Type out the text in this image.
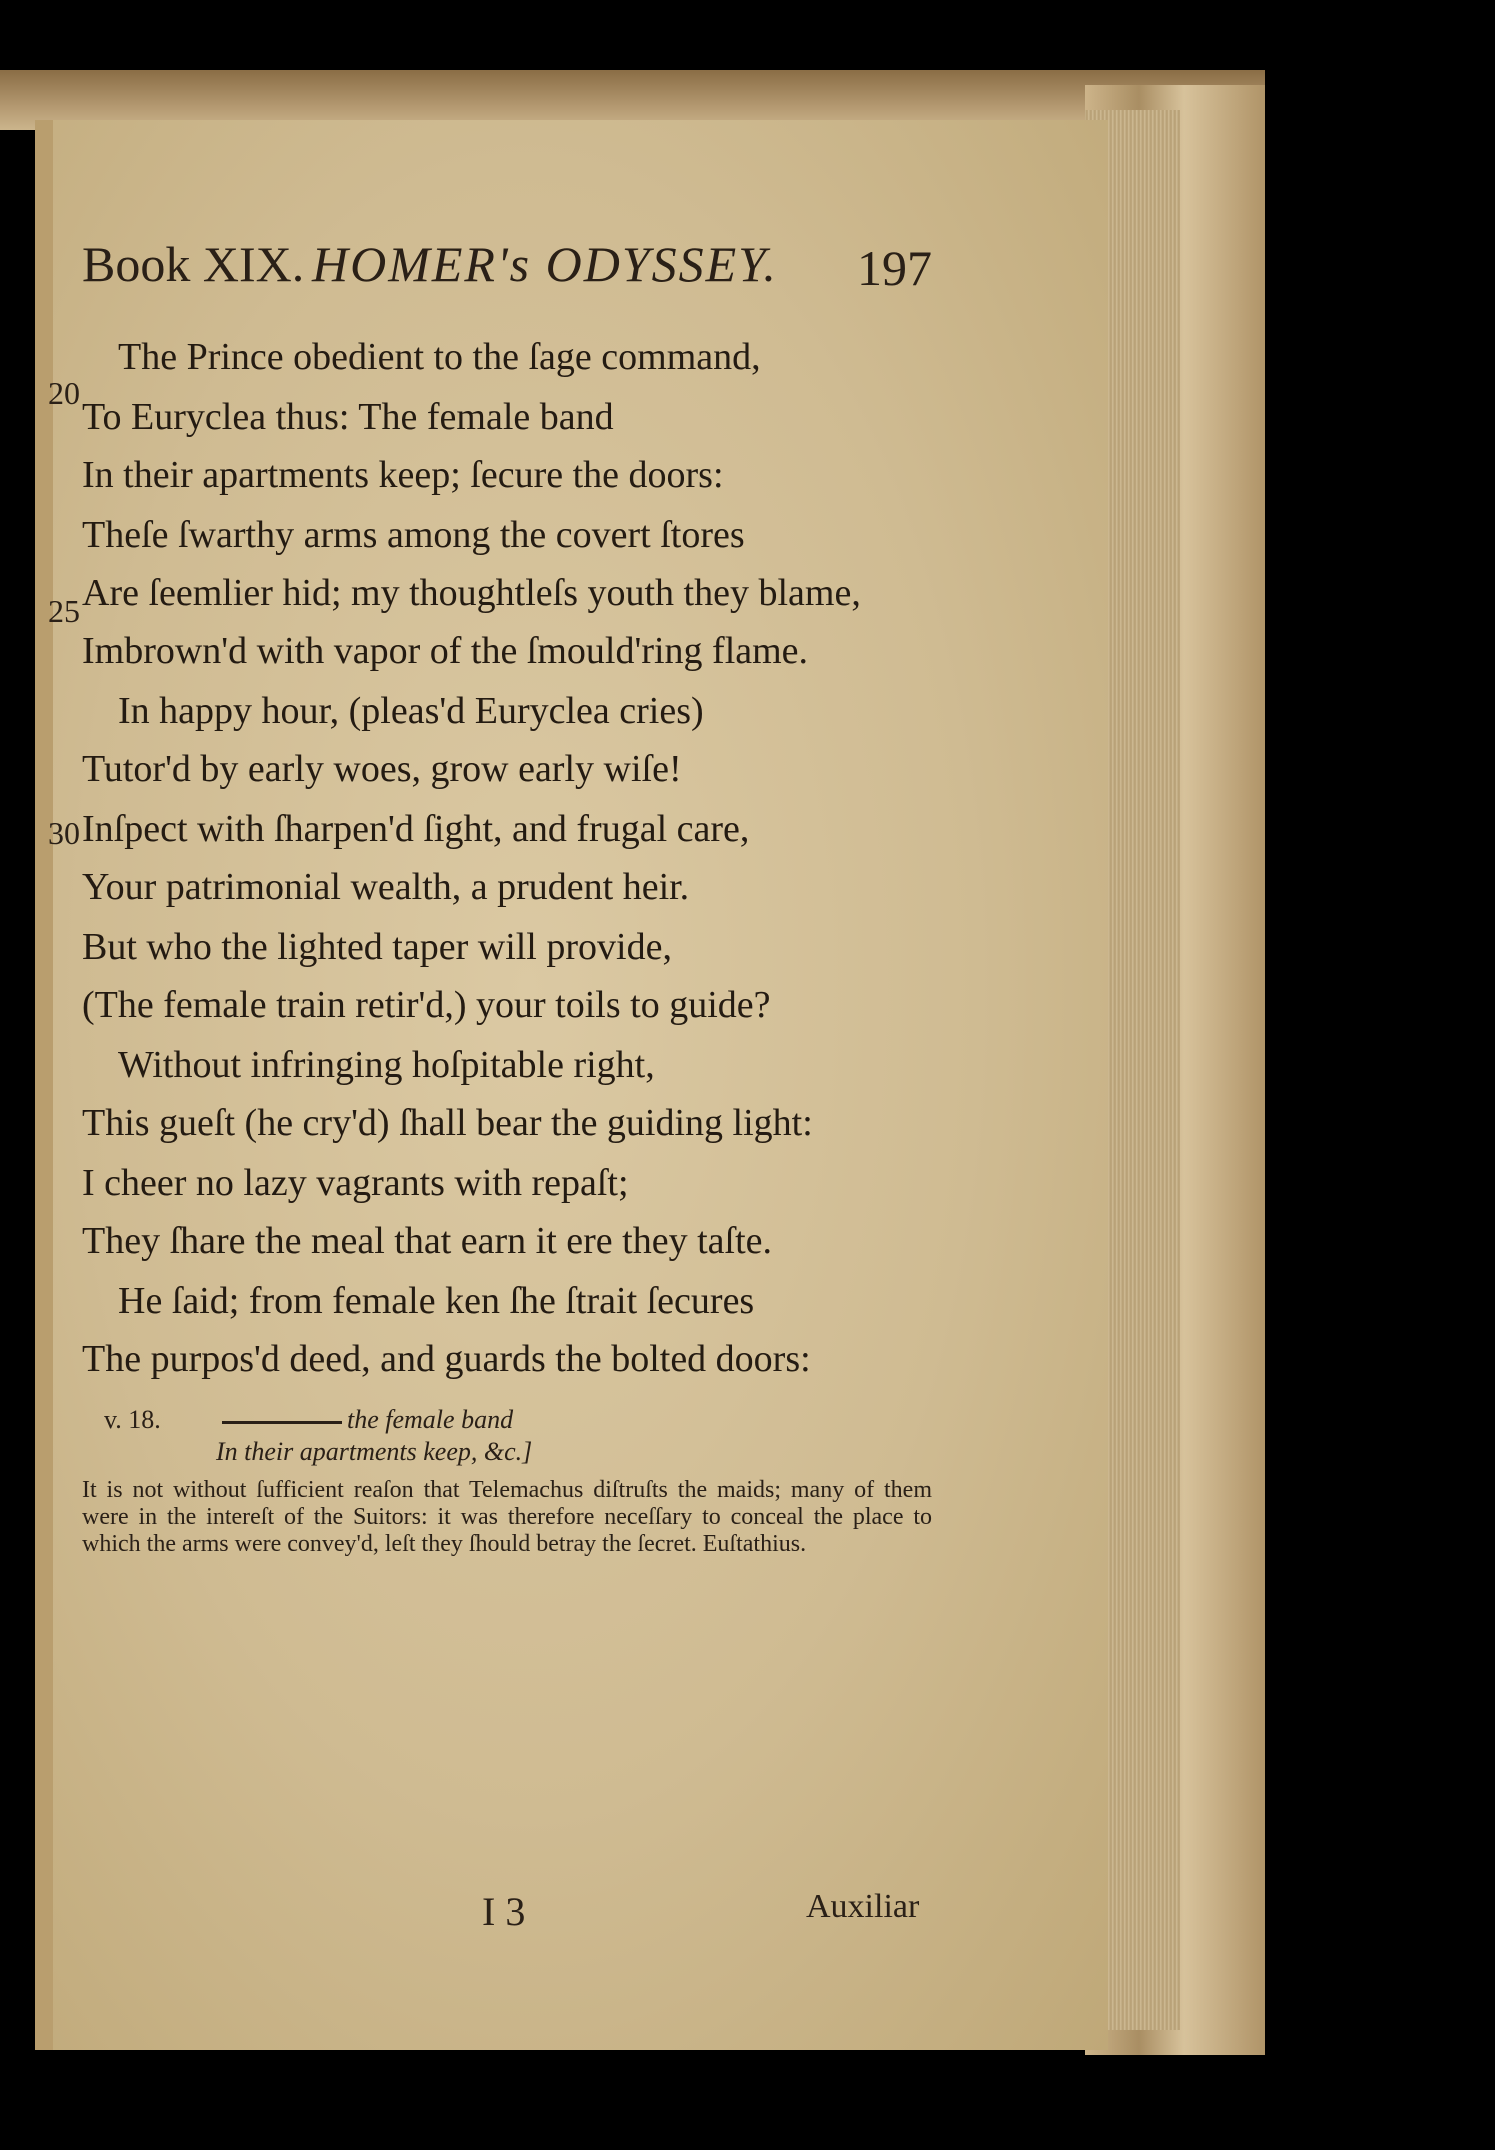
Book XIX. HOMER's ODYSSEY. 197
20
25
30
The Prince obedient to the ſage command,
To Euryclea thus: The female band
In their apartments keep; ſecure the doors:
Theſe ſwarthy arms among the covert ſtores
Are ſeemlier hid; my thoughtleſs youth they blame,
Imbrown'd with vapor of the ſmould'ring flame.
In happy hour, (pleas'd Euryclea cries)
Tutor'd by early woes, grow early wiſe!
Inſpect with ſharpen'd ſight, and frugal care,
Your patrimonial wealth, a prudent heir.
But who the lighted taper will provide,
(The female train retir'd,) your toils to guide?
Without infringing hoſpitable right,
This gueſt (he cry'd) ſhall bear the guiding light:
I cheer no lazy vagrants with repaſt;
They ſhare the meal that earn it ere they taſte.
He ſaid; from female ken ſhe ſtrait ſecures
The purpos'd deed, and guards the bolted doors:
v. 18.	the female band
In their apartments keep, &c.]
It is not without ſufficient reaſon that Telemachus diſtruſts the maids; many of them were in the intereſt of the Suitors: it was therefore neceſſary to conceal the place to which the arms were convey'd, leſt they ſhould betray the ſecret. Euſtathius.
I 3	Auxiliar
